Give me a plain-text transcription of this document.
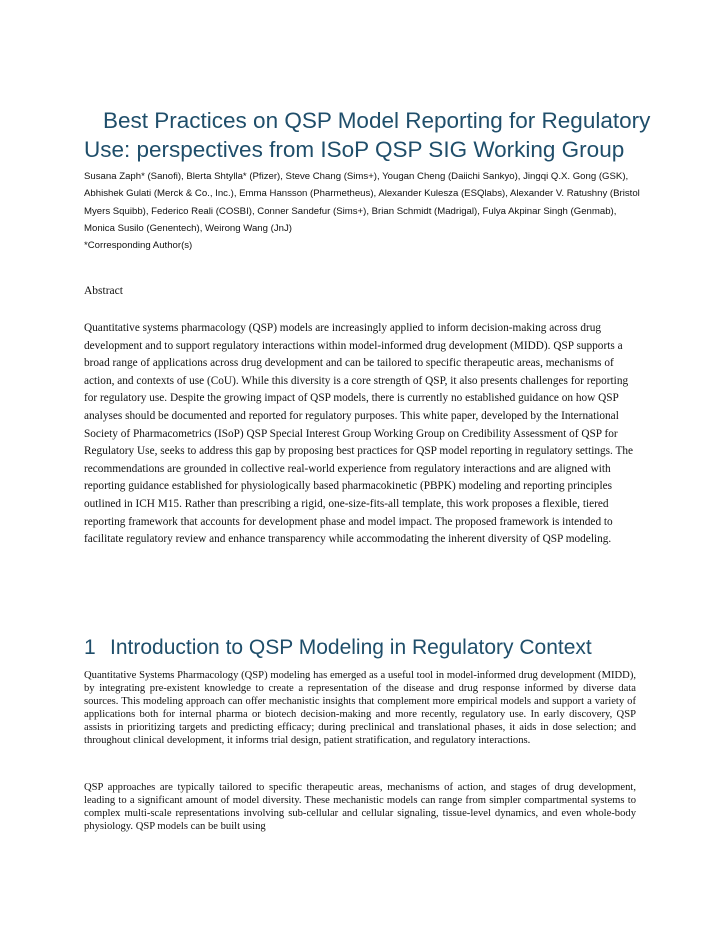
Best Practices on QSP Model Reporting for Regulatory Use: perspectives from ISoP QSP SIG Working Group

Susana Zaph* (Sanofi), Blerta Shtylla* (Pfizer), Steve Chang (Sims+), Yougan Cheng (Daiichi Sankyo), Jingqi Q.X. Gong (GSK), Abhishek Gulati (Merck & Co., Inc.), Emma Hansson (Pharmetheus), Alexander Kulesza (ESQlabs), Alexander V. Ratushny (Bristol Myers Squibb), Federico Reali (COSBI), Conner Sandefur (Sims+), Brian Schmidt (Madrigal), Fulya Akpinar Singh (Genmab), Monica Susilo (Genentech), Weirong Wang (JnJ)

*Corresponding Author(s)

Abstract

Quantitative systems pharmacology (QSP) models are increasingly applied to inform decision-making across drug development and to support regulatory interactions within model-informed drug development (MIDD). QSP supports a broad range of applications across drug development and can be tailored to specific therapeutic areas, mechanisms of action, and contexts of use (CoU). While this diversity is a core strength of QSP, it also presents challenges for reporting for regulatory use. Despite the growing impact of QSP models, there is currently no established guidance on how QSP analyses should be documented and reported for regulatory purposes. This white paper, developed by the International Society of Pharmacometrics (ISoP) QSP Special Interest Group Working Group on Credibility Assessment of QSP for Regulatory Use, seeks to address this gap by proposing best practices for QSP model reporting in regulatory settings. The recommendations are grounded in collective real-world experience from regulatory interactions and are aligned with reporting guidance established for physiologically based pharmacokinetic (PBPK) modeling and reporting principles outlined in ICH M15. Rather than prescribing a rigid, one-size-fits-all template, this work proposes a flexible, tiered reporting framework that accounts for development phase and model impact. The proposed framework is intended to facilitate regulatory review and enhance transparency while accommodating the inherent diversity of QSP modeling.

1 Introduction to QSP Modeling in Regulatory Context

Quantitative Systems Pharmacology (QSP) modeling has emerged as a useful tool in model-informed drug development (MIDD), by integrating pre-existent knowledge to create a representation of the disease and drug response informed by diverse data sources. This modeling approach can offer mechanistic insights that complement more empirical models and support a variety of applications both for internal pharma or biotech decision-making and more recently, regulatory use. In early discovery, QSP assists in prioritizing targets and predicting efficacy; during preclinical and translational phases, it aids in dose selection; and throughout clinical development, it informs trial design, patient stratification, and regulatory interactions.

QSP approaches are typically tailored to specific therapeutic areas, mechanisms of action, and stages of drug development, leading to a significant amount of model diversity. These mechanistic models can range from simpler compartmental systems to complex multi-scale representations involving sub-cellular and cellular signaling, tissue-level dynamics, and even whole-body physiology. QSP models can be built using
